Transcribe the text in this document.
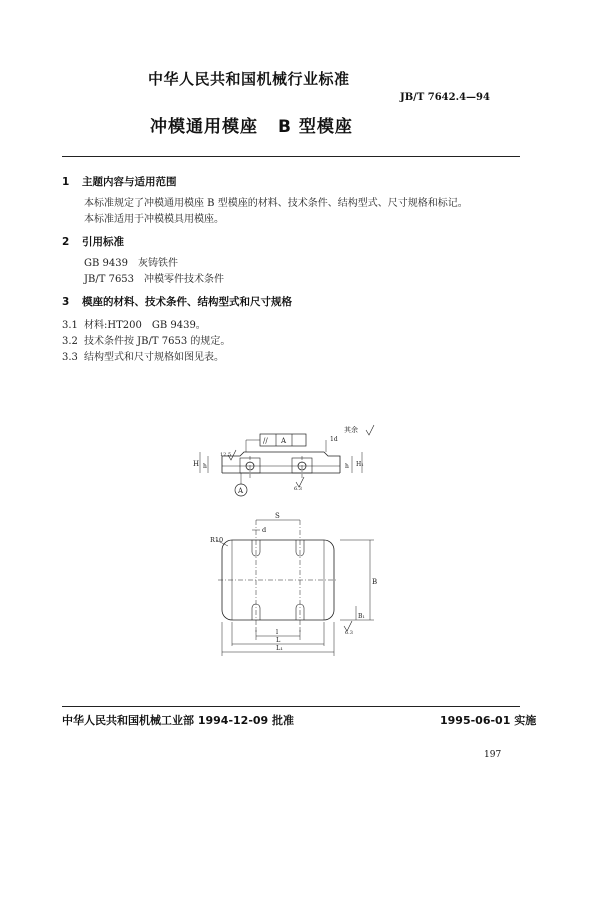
中华人民共和国机械行业标准
JB/T 7642.4—94
冲模通用模座 B 型模座
1 主题内容与适用范围
本标准规定了冲模通用模座 B 型模座的材料、技术条件、结构型式、尺寸规格和标记。
本标准适用于冲模模具用模座。
2 引用标准
GB 9439　灰铸铁件
JB/T 7653　冲模零件技术条件
3 模座的材料、技术条件、结构型式和尺寸规格
3.1 材料:HT200　GB 9439。
3.2 技术条件按 JB/T 7653 的规定。
3.3 结构型式和尺寸规格如图见表。
其余
// A	1d
H h	h H₁
A
12.5
6.3
6.3
R10
S
d
B
B₁
l
L
L₁
中华人民共和国机械工业部 1994-12-09 批准	1995-06-01 实施
197
